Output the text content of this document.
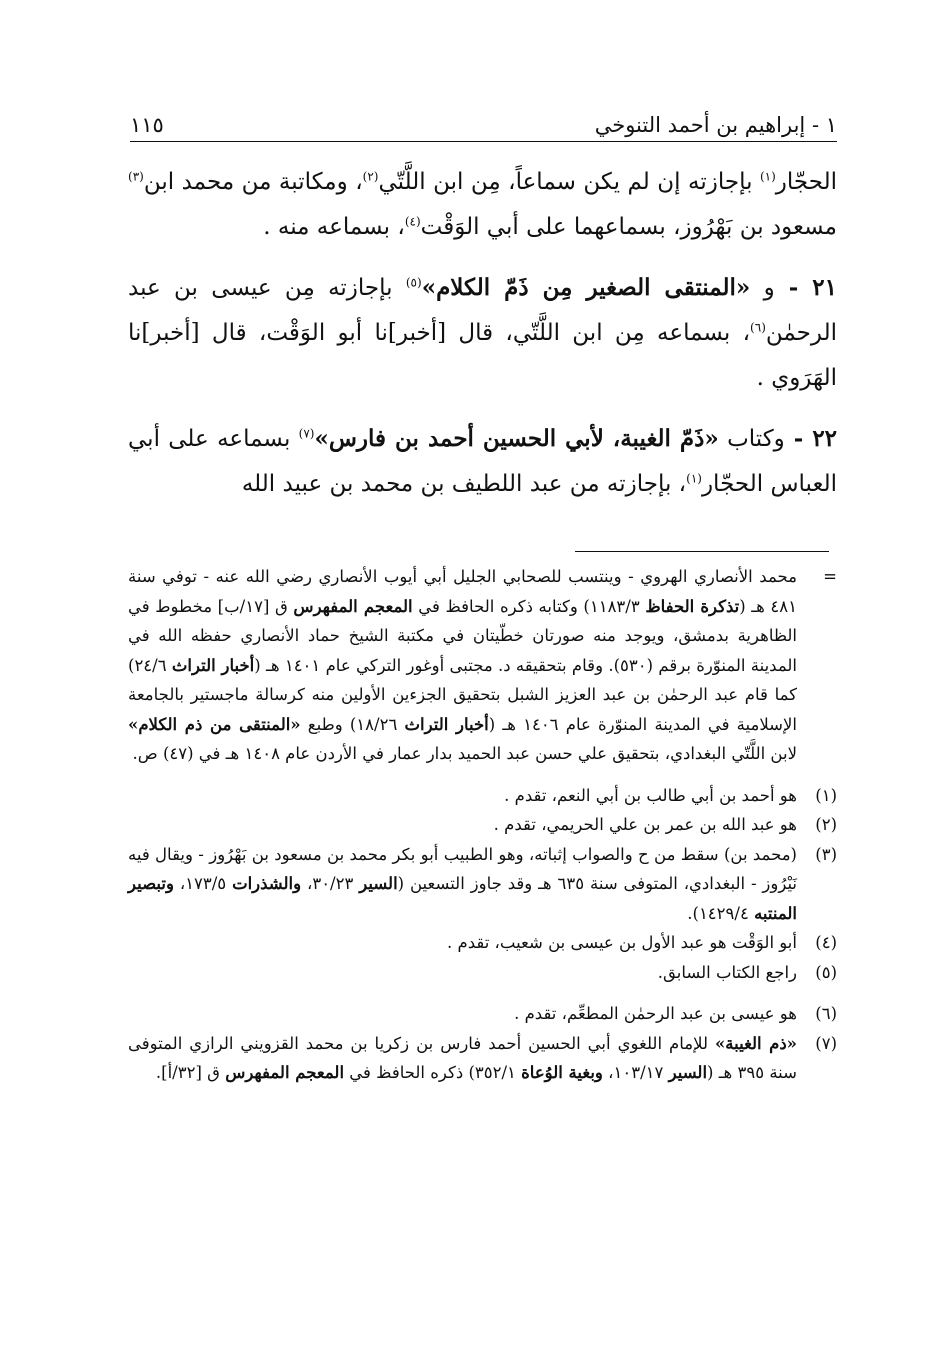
١ - إبراهيم بن أحمد التنوخي
١١٥

الحجّار$^{(١)}$ بإجازته إن لم يكن سماعاً، مِن ابن اللَّتّي$^{(٢)}$، ومكاتبة من محمد ابن$^{(٣)}$ مسعود بن بَهْرُوز، بسماعهما على أبي الوَقْت$^{(٤)}$، بسماعه منه .

٢١ - و «المنتقى الصغير مِن ذَمّ الكلام»$^{(٥)}$ بإجازته مِن عيسى بن عبد الرحمٰن$^{(٦)}$، بسماعه مِن ابن اللَّتّي، قال [أخبر]نا أبو الوَقْت، قال [أخبر]نا الهَرَوي .

٢٢ - وكتاب «ذَمّ الغيبة، لأبي الحسين أحمد بن فارس»$^{(٧)}$ بسماعه على أبي العباس الحجّار$^{(١)}$، بإجازته من عبد اللطيف بن محمد بن عبيد الله

=
محمد الأنصاري الهروي - وينتسب للصحابي الجليل أبي أيوب الأنصاري رضي الله عنه - توفي سنة ٤٨١ هـ (تذكرة الحفاظ ١١٨٣/٣) وكتابه ذكره الحافظ في المعجم المفهرس ق [١٧/ب] مخطوط في الظاهرية بدمشق، ويوجد منه صورتان خطّيتان في مكتبة الشيخ حماد الأنصاري حفظه الله في المدينة المنوّرة برقم (٥٣٠). وقام بتحقيقه د. مجتبى أوغور التركي عام ١٤٠١ هـ (أخبار التراث ٢٤/٦) كما قام عبد الرحمٰن بن عبد العزيز الشبل بتحقيق الجزءين الأولين منه كرسالة ماجستير بالجامعة الإسلامية في المدينة المنوّرة عام ١٤٠٦ هـ (أخبار التراث ١٨/٢٦) وطبع «المنتقى من ذم الكلام» لابن اللَّتّي البغدادي، بتحقيق علي حسن عبد الحميد بدار عمار في الأردن عام ١٤٠٨ هـ في (٤٧) ص.
(١)
هو أحمد بن أبي طالب بن أبي النعم، تقدم .
(٢)
هو عبد الله بن عمر بن علي الحريمي، تقدم .
(٣)
(محمد بن) سقط من ح والصواب إثباته، وهو الطبيب أبو بكر محمد بن مسعود بن بَهْرُوز - ويقال فيه نَيْرُوز - البغدادي، المتوفى سنة ٦٣٥ هـ وقد جاوز التسعين (السير ٣٠/٢٣، والشذرات ١٧٣/٥، وتبصير المنتبه ١٤٢٩/٤).
(٤)
أبو الوَقْت هو عبد الأول بن عيسى بن شعيب، تقدم .
(٥)
راجع الكتاب السابق.
(٦)
هو عيسى بن عبد الرحمٰن المطعِّم، تقدم .
(٧)
«ذم الغيبة» للإمام اللغوي أبي الحسين أحمد فارس بن زكريا بن محمد القزويني الرازي المتوفى سنة ٣٩٥ هـ (السير ١٠٣/١٧، وبغية الوُعاة ٣٥٢/١) ذكره الحافظ في المعجم المفهرس ق [٣٢/أ].
